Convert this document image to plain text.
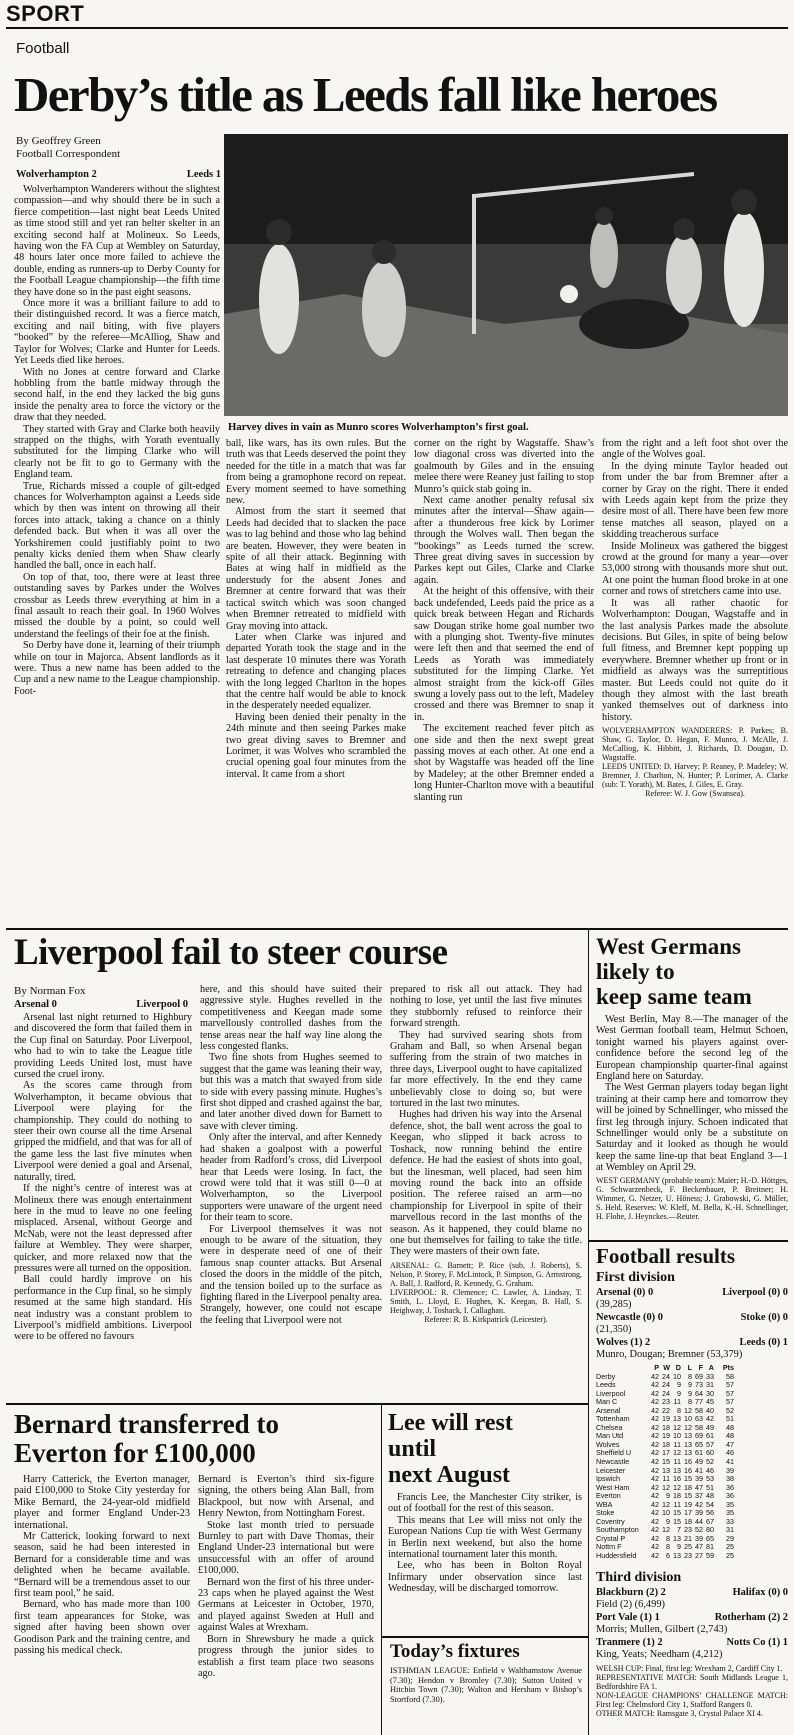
SPORT
Football
Derby’s title as Leeds fall like heroes
By Geoffrey Green
Football Correspondent
Wolverhampton 2	Leeds 1
Harvey dives in vain as Munro scores Wolverhampton’s first goal.

Wolverhampton Wanderers without the slightest compassion—and why should there be in such a fierce competition—last night beat Leeds United as time stood still and yet ran helter skelter in an exciting second half at Molineux. So Leeds, having won the FA Cup at Wembley on Saturday, 48 hours later once more failed to achieve the double, ending as runners-up to Derby County for the Football League championship—the fifth time they have done so in the past eight seasons.

Once more it was a brilliant failure to add to their distinguished record. It was a fierce match, exciting and nail biting, with five players “booked” by the referee—McAlliog, Shaw and Taylor for Wolves; Clarke and Hunter for Leeds. Yet Leeds died like heroes.

With no Jones at centre forward and Clarke hobbling from the battle midway through the second half, in the end they lacked the big guns inside the penalty area to force the victory or the draw that they needed.

They started with Gray and Clarke both heavily strapped on the thighs, with Yorath eventually substituted for the limping Clarke who will clearly not be fit to go to Germany with the England team.

True, Richards missed a couple of gilt-edged chances for Wolverhampton against a Leeds side which by then was intent on throwing all their forces into attack, taking a chance on a thinly defended back. But when it was all over the Yorkshiremen could justifiably point to two penalty kicks denied them when Shaw clearly handled the ball, once in each half.

On top of that, too, there were at least three outstanding saves by Parkes under the Wolves crossbar as Leeds threw everything at him in a final assault to reach their goal. In 1960 Wolves missed the double by a point, so could well understand the feelings of their foe at the finish.

So Derby have done it, learning of their triumph while on tour in Majorca. Absent landlords as it were. Thus a new name has been added to the Cup and a new name to the League championship. Foot-

ball, like wars, has its own rules. But the truth was that Leeds deserved the point they needed for the title in a match that was far from being a gramophone record on repeat. Every moment seemed to have something new.

Almost from the start it seemed that Leeds had decided that to slacken the pace was to lag behind and those who lag behind are beaten. However, they were beaten in spite of all their attack. Beginning with Bates at wing half in midfield as the understudy for the absent Jones and Bremner at centre forward that was their tactical switch which was soon changed when Bremner retreated to midfield with Gray moving into attack.

Later when Clarke was injured and departed Yorath took the stage and in the last desperate 10 minutes there was Yorath retreating to defence and changing places with the long legged Charlton in the hopes that the centre half would be able to knock in the desperately needed equalizer.

Having been denied their penalty in the 24th minute and then seeing Parkes make two great diving saves to Bremner and Lorimer, it was Wolves who scrambled the crucial opening goal four minutes from the interval. It came from a short

corner on the right by Wagstaffe. Shaw’s low diagonal cross was diverted into the goalmouth by Giles and in the ensuing melee there were Reaney just failing to stop Munro’s quick stab going in.

Next came another penalty refusal six minutes after the interval—Shaw again—after a thunderous free kick by Lorimer through the Wolves wall. Then began the “bookings” as Leeds turned the screw. Three great diving saves in succession by Parkes kept out Giles, Clarke and Clarke again.

At the height of this offensive, with their back undefended, Leeds paid the price as a quick break between Hegan and Richards saw Dougan strike home goal number two with a plunging shot. Twenty-five minutes were left then and that seemed the end of Leeds as Yorath was immediately substituted for the limping Clarke. Yet almost straight from the kick-off Giles swung a lovely pass out to the left, Madeley crossed and there was Bremner to snap it in.

The excitement reached fever pitch as one side and then the next swept great passing moves at each other. At one end a shot by Wagstaffe was headed off the line by Madeley; at the other Bremner ended a long Hunter-Charlton move with a beautiful slanting run

from the right and a left foot shot over the angle of the Wolves goal.

In the dying minute Taylor headed out from under the bar from Bremner after a corner by Gray on the right. There it ended with Leeds again kept from the prize they desire most of all. There have been few more tense matches all season, played on a skidding treacherous surface

Inside Molineux was gathered the biggest crowd at the ground for many a year—over 53,000 strong with thousands more shut out. At one point the human flood broke in at one corner and rows of stretchers came into use.

It was all rather chaotic for Wolverhampton: Dougan, Wagstaffe and in the last analysis Parkes made the absolute decisions. But Giles, in spite of being below full fitness, and Bremner kept popping up everywhere. Bremner whether up front or in midfield as always was the surreptitious master. But Leeds could not quite do it though they almost with the last breath yanked themselves out of darkness into history.

WOLVERHAMPTON WANDERERS: P. Parkes; B. Shaw, G. Taylor, D. Hegan, F. Munro, J. McAlle, J. McCalliog, K. Hibbitt, J. Richards, D. Dougan, D. Wagstaffe.

LEEDS UNITED: D. Harvey; P. Reaney, P. Madeley; W. Bremner, J. Charlton, N. Hunter; P. Lorimer, A. Clarke (sub: T. Yorath), M. Bates, J. Giles, E. Gray.

Referee: W. J. Gow (Swansea).

Liverpool fail to steer course
By Norman Fox
Arsenal 0	Liverpool 0

Arsenal last night returned to Highbury and discovered the form that failed them in the Cup final on Saturday. Poor Liverpool, who had to win to take the League title providing Leeds United lost, must have cursed the cruel irony.

As the scores came through from Wolverhampton, it became obvious that Liverpool were playing for the championship. They could do nothing to steer their own course all the time Arsenal gripped the midfield, and that was for all of the game less the last five minutes when Liverpool were denied a goal and Arsenal, naturally, tired.

If the night’s centre of interest was at Molineux there was enough entertainment here in the mud to leave no one feeling misplaced. Arsenal, without George and McNab, were not the least depressed after failure at Wembley. They were sharper, quicker, and more relaxed now that the pressures were all turned on the opposition.

Ball could hardly improve on his performance in the Cup final, so he simply resumed at the same high standard. His neat industry was a constant problem to Liverpool’s midfield ambitions. Liverpool were to be offered no favours

here, and this should have suited their aggressive style. Hughes revelled in the competitiveness and Keegan made some marvellously controlled dashes from the tense areas near the half way line along the less congested flanks.

Two fine shots from Hughes seemed to suggest that the game was leaning their way, but this was a match that swayed from side to side with every passing minute. Hughes’s first shot dipped and crashed against the bar, and later another dived down for Barnett to save with clever timing.

Only after the interval, and after Kennedy had shaken a goalpost with a powerful header from Radford’s cross, did Liverpool hear that Leeds were losing. In fact, the crowd were told that it was still 0—0 at Wolverhampton, so the Liverpool supporters were unaware of the urgent need for their team to score.

For Liverpool themselves it was not enough to be aware of the situation, they were in desperate need of one of their famous snap counter attacks. But Arsenal closed the doors in the middle of the pitch, and the tension boiled up to the surface as fighting flared in the Liverpool penalty area. Strangely, however, one could not escape the feeling that Liverpool were not

prepared to risk all out attack. They had nothing to lose, yet until the last five minutes they stubbornly refused to reinforce their forward strength.

They had survived searing shots from Graham and Ball, so when Arsenal began suffering from the strain of two matches in three days, Liverpool ought to have capitalized far more effectively. In the end they came unbelievably close to doing so, but were tortured in the last two minutes.

Hughes had driven his way into the Arsenal defence, shot, the ball went across the goal to Keegan, who slipped it back across to Toshack, now running behind the entire defence. He had the easiest of shots into goal, but the linesman, well placed, had seen him moving round the back into an offside position. The referee raised an arm—no championship for Liverpool in spite of their marvellous record in the last months of the season. As it happened, they could blame no one but themselves for failing to take the title. They were masters of their own fate.

ARSENAL: G. Barnett; P. Rice (sub, J. Roberts), S. Nelson, P. Storey, F. McLintock, P. Simpson, G. Armstrong, A. Ball, J. Radford, R. Kennedy, G. Graham.

LIVERPOOL: R. Clemence; C. Lawler, A. Lindsay, T. Smith, L. Lloyd, E. Hughes, K. Keegan, B. Hall, S. Heighway, J. Toshack, I. Callaghan.

Referee: R. B. Kirkpatrick (Leicester).

West Germans
likely to
keep same team

West Berlin, May 8.—The manager of the West German football team, Helmut Schoen, tonight warned his players against over-confidence before the second leg of the European championship quarter-final against England here on Saturday.

The West German players today began light training at their camp here and tomorrow they will be joined by Schnellinger, who missed the first leg through injury. Schoen indicated that Schnellinger would only be a substitute on Saturday and it looked as though he would keep the same line-up that beat England 3—1 at Wembley on April 29.

WEST GERMANY (probable team): Maier; H.-D. Höttges, G. Schwarzenbeck, F. Beckenbauer, P. Breitner; H. Wimmer, G. Netzer, U. Höness; J. Grabowski, G. Müller, S. Held. Reserves: W. Kleff, M. Bella, K.-H. Schnellinger, H. Flohe, J. Heynckes.—Reuter.

Football results
First division
Arsenal (0) 0	Liverpool (0) 0
(39,285)
Newcastle (0) 0	Stoke (0) 0
(21,350)
Wolves (1) 2	Leeds (0) 1
Munro, Dougan; Bremner (53,379)
P W D L F A	Pts
Derby	42 24 10 8 69 33	58
Leeds	42 24 9 9 73 31	57
Liverpool	42 24 9 9 64 30	57
Man C	42 23 11 8 77 45	57
Arsenal	42 22 8 12 58 40	52
Tottenham	42 19 13 10 63 42	51
Chelsea	42 18 12 12 58 49	48
Man Utd	42 19 10 13 69 61	48
Wolves	42 18 11 13 65 57	47
Sheffield U	42 17 12 13 61 60	46
Newcastle	42 15 11 16 49 52	41
Leicester	42 13 13 16 41 46	39
Ipswich	42 11 16 15 39 53	38
West Ham	42 12 12 18 47 51	36
Everton	42 9 18 15 37 48	36
WBA	42 12 11 19 42 54	35
Stoke	42 10 15 17 39 56	35
Coventry	42 9 15 18 44 67	33
Southampton	42 12 7 23 52 80	31
Crystal P	42 8 13 21 39 65	29
Nottm F	42 8 9 25 47 81	25
Huddersfield	42 6 13 23 27 59	25
Third division
Blackburn (2) 2	Halifax (0) 0
Field (2) (6,499)
Port Vale (1) 1	Rotherham (2) 2
Morris; Mullen, Gilbert (2,743)
Tranmere (1) 2	Notts Co (1) 1
King, Yeats; Needham (4,212)

WELSH CUP: Final, first leg: Wrexham 2, Cardiff City 1.

REPRESENTATIVE MATCH: South Midlands League 1, Bedfordshire FA 1.

NON-LEAGUE CHAMPIONS’ CHALLENGE MATCH: First leg: Chelmsford City 1, Stafford Rangers 0.

OTHER MATCH: Ramsgate 3, Crystal Palace XI 4.

Bernard transferred to
Everton for £100,000

Harry Catterick, the Everton manager, paid £100,000 to Stoke City yesterday for Mike Bernard, the 24-year-old midfield player and former England Under-23 international.

Mr Catterick, looking forward to next season, said he had been interested in Bernard for a considerable time and was delighted when he became available. “Bernard will be a tremendous asset to our first team pool,” he said.

Bernard, who has made more than 100 first team appearances for Stoke, was signed after having been shown over Goodison Park and the training centre, and passing his medical check.

Bernard is Everton’s third six-figure signing, the others being Alan Ball, from Blackpool, but now with Arsenal, and Henry Newton, from Nottingham Forest.

Stoke last month tried to persuade Burnley to part with Dave Thomas, their England Under-23 international but were unsuccessful with an offer of around £100,000.

Bernard won the first of his three under-23 caps when he played against the West Germans at Leicester in October, 1970, and played against Sweden at Hull and against Wales at Wrexham.

Born in Shrewsbury he made a quick progress through the junior sides to establish a first team place two seasons ago.

Lee will rest
until
next August

Francis Lee, the Manchester City striker, is out of football for the rest of this season.

This means that Lee will miss not only the European Nations Cup tie with West Germany in Berlin next weekend, but also the home international tournament later this month.

Lee, who has been in Bolton Royal Infirmary under observation since last Wednesday, will be discharged tomorrow.

Today’s fixtures

ISTHMIAN LEAGUE: Enfield v Walthamstow Avenue (7.30); Hendon v Bromley (7.30); Sutton United v Hitchin Town (7.30); Walton and Hersham v Bishop’s Stortford (7.30).
